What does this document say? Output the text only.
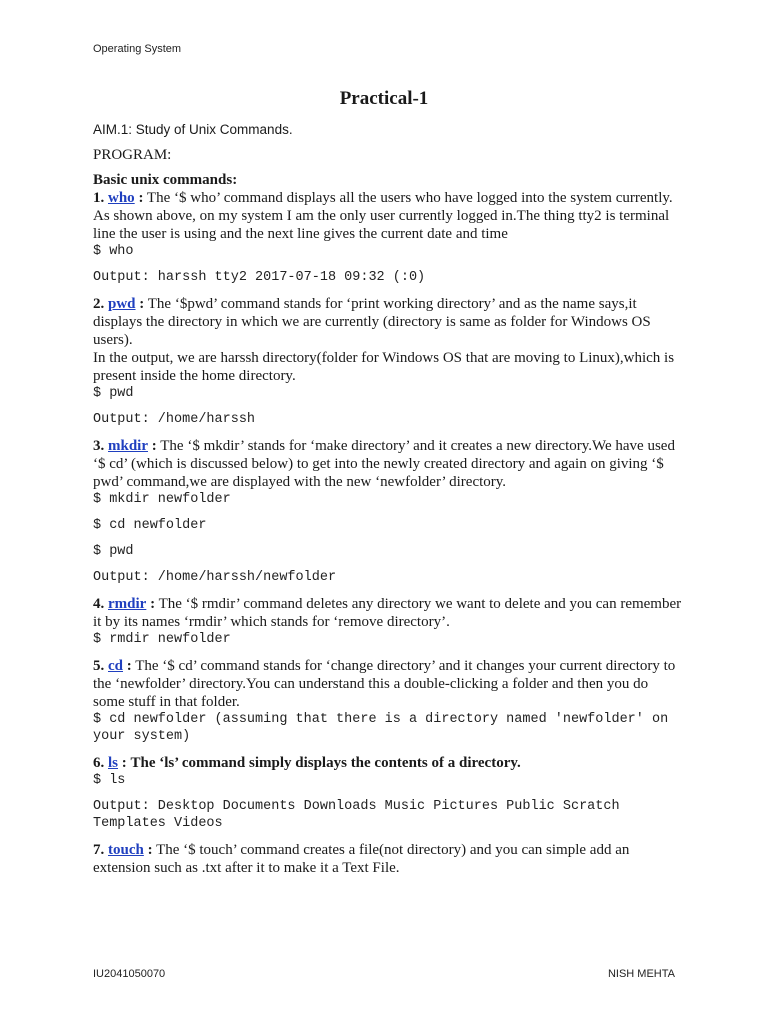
Operating System
Practical-1

AIM.1: Study of Unix Commands.

PROGRAM:

Basic unix commands:

1. who : The ‘$ who’ command displays all the users who have logged into the system currently. As shown above, on my system I am the only user currently logged in.The thing tty2 is terminal line the user is using and the next line gives the current date and time

$ who

Output: harssh tty2 2017-07-18 09:32 (:0)

2. pwd : The ‘$pwd’ command stands for ‘print working directory’ and as the name says,it displays the directory in which we are currently (directory is same as folder for Windows OS users).

In the output, we are harssh directory(folder for Windows OS that are moving to Linux),which is present inside the home directory.

$ pwd

Output: /home/harssh

3. mkdir : The ‘$ mkdir’ stands for ‘make directory’ and it creates a new directory.We have used ‘$ cd’ (which is discussed below) to get into the newly created directory and again on giving ‘$ pwd’ command,we are displayed with the new ‘newfolder’ directory.

$ mkdir newfolder

$ cd newfolder

$ pwd

Output: /home/harssh/newfolder

4. rmdir : The ‘$ rmdir’ command deletes any directory we want to delete and you can remember it by its names ‘rmdir’ which stands for ‘remove directory’.

$ rmdir newfolder

5. cd : The ‘$ cd’ command stands for ‘change directory’ and it changes your current directory to the ‘newfolder’ directory.You can understand this a double-clicking a folder and then you do some stuff in that folder.

$ cd newfolder (assuming that there is a directory named 'newfolder' on your system)

6. ls : The ‘ls’ command simply displays the contents of a directory.

$ ls

Output: Desktop Documents Downloads Music Pictures Public Scratch Templates Videos

7. touch : The ‘$ touch’ command creates a file(not directory) and you can simple add an extension such as .txt after it to make it a Text File.

IU2041050070	NISH MEHTA
